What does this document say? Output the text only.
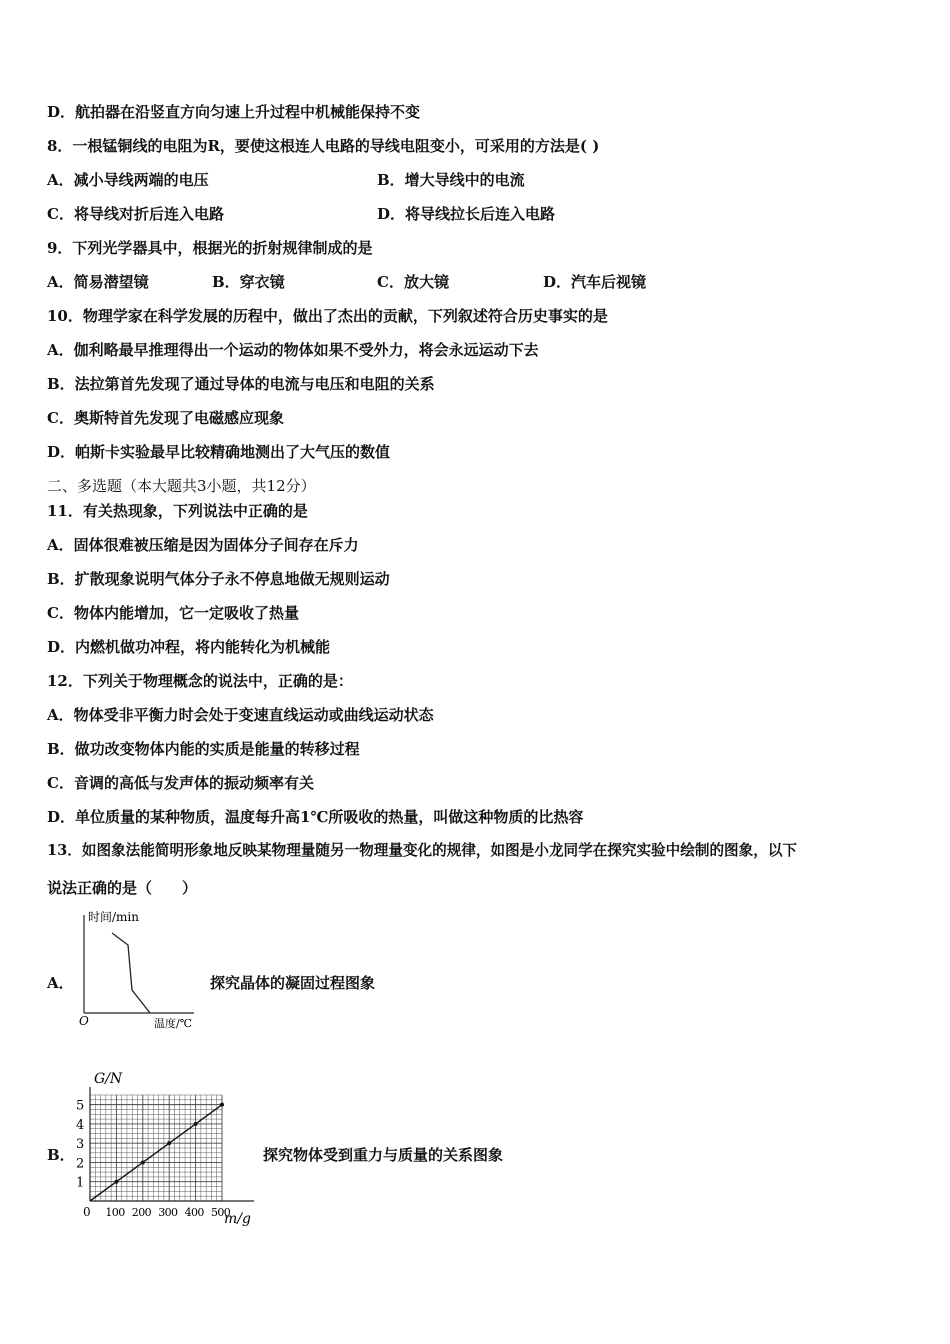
D．航拍器在沿竖直方向匀速上升过程中机械能保持不变
8．一根锰铜线的电阻为R，要使这根连人电路的导线电阻变小，可采用的方法是( )
A．减小导线两端的电压	B．增大导线中的电流
C．将导线对折后连入电路	D．将导线拉长后连入电路
9．下列光学器具中，根据光的折射规律制成的是
A．简易潜望镜	B．穿衣镜	C．放大镜	D．汽车后视镜
10．物理学家在科学发展的历程中，做出了杰出的贡献，下列叙述符合历史事实的是
A．伽利略最早推理得出一个运动的物体如果不受外力，将会永远运动下去
B．法拉第首先发现了通过导体的电流与电压和电阻的关系
C．奥斯特首先发现了电磁感应现象
D．帕斯卡实验最早比较精确地测出了大气压的数值
二、多选题（本大题共3小题，共12分）
11．有关热现象，下列说法中正确的是
A．固体很难被压缩是因为固体分子间存在斥力
B．扩散现象说明气体分子永不停息地做无规则运动
C．物体内能增加，它一定吸收了热量
D．内燃机做功冲程，将内能转化为机械能
12．下列关于物理概念的说法中，正确的是：
A．物体受非平衡力时会处于变速直线运动或曲线运动状态
B．做功改变物体内能的实质是能量的转移过程
C．音调的高低与发声体的振动频率有关
D．单位质量的某种物质，温度每升高1℃所吸收的热量，叫做这种物质的比热容
13．如图象法能简明形象地反映某物理量随另一物理量变化的规律，如图是小龙同学在探究实验中绘制的图象，以下
说法正确的是（　　）
A．
时间/min
O	温度/℃
探究晶体的凝固过程图象
B．
G/N
m/g
0
1
2
3
4
5
100 200 300 400 500
探究物体受到重力与质量的关系图象
